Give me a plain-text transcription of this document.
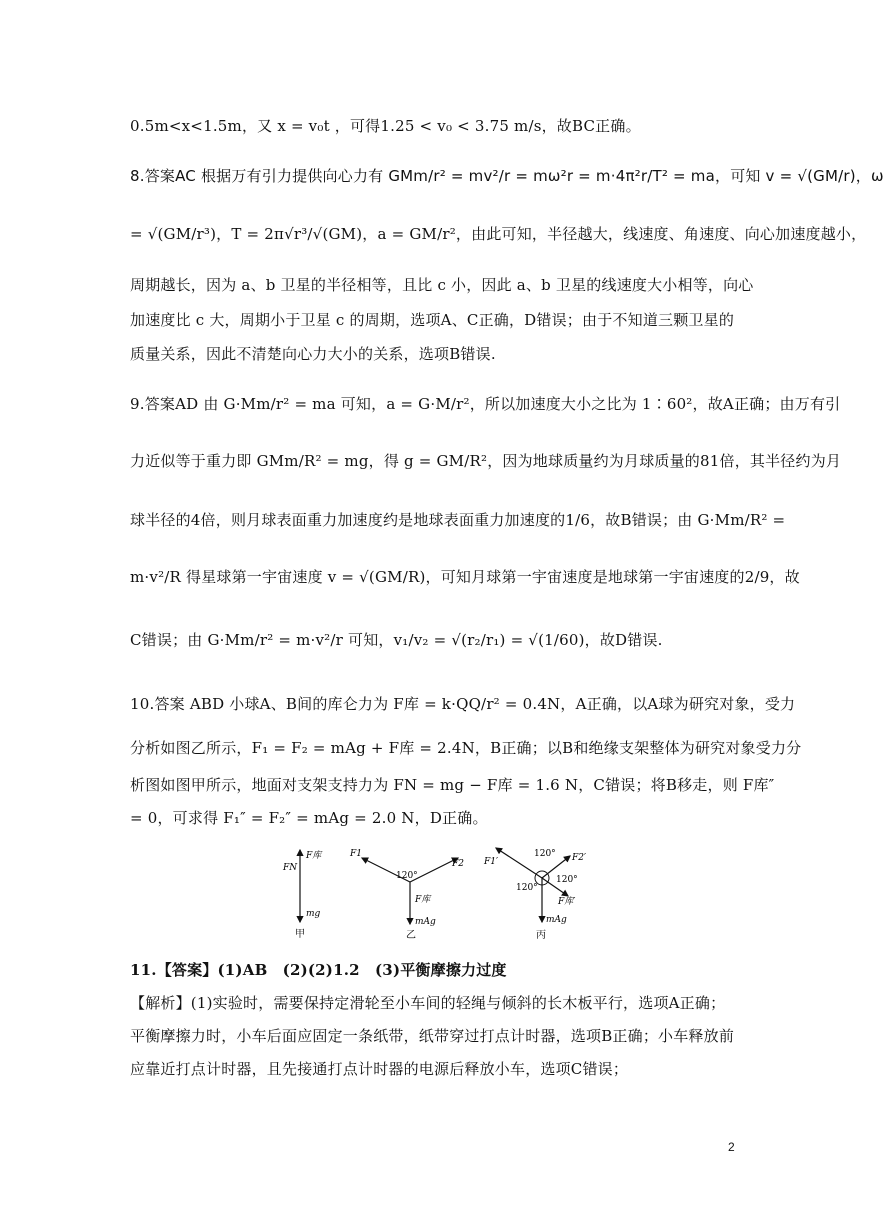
0.5m<x<1.5m，又 x = v₀t ，可得1.25 < v₀ < 3.75 m/s，故BC正确。
8.答案AC 根据万有引力提供向心力有 GMm/r² = mv²/r = mω²r = m·4π²r/T² = ma，可知 v = √(GM/r)，ω
= √(GM/r³)，T = 2π√r³/√(GM)，a = GM/r²，由此可知，半径越大，线速度、角速度、向心加速度越小，
周期越长，因为 a、b 卫星的半径相等，且比 c 小，因此 a、b 卫星的线速度大小相等，向心
加速度比 c 大，周期小于卫星 c 的周期，选项A、C正确，D错误；由于不知道三颗卫星的
质量关系，因此不清楚向心力大小的关系，选项B错误.
9.答案AD 由 G·Mm/r² = ma 可知，a = G·M/r²，所以加速度大小之比为 1∶60²，故A正确；由万有引
力近似等于重力即 GMm/R² = mg，得 g = GM/R²，因为地球质量约为月球质量的81倍，其半径约为月
球半径的4倍，则月球表面重力加速度约是地球表面重力加速度的1/6，故B错误；由 G·Mm/R² =
m·v²/R 得星球第一宇宙速度 v = √(GM/R)，可知月球第一宇宙速度是地球第一宇宙速度的2/9，故
C错误；由 G·Mm/r² = m·v²/r 可知，v₁/v₂ = √(r₂/r₁) = √(1/60)，故D错误.
10.答案 ABD 小球A、B间的库仑力为 F库 = k·QQ/r² = 0.4N，A正确，以A球为研究对象，受力
分析如图乙所示，F₁ = F₂ = mAg + F库 = 2.4N，B正确；以B和绝缘支架整体为研究对象受力分
析图如图甲所示，地面对支架支持力为 FN = mg − F库 = 1.6 N，C错误；将B移走，则 F库″
= 0，可求得 F₁″ = F₂″ = mAg = 2.0 N，D正确。
F库
FN
mg
甲
F1
F2
120°
F库
mAg
乙
F1′	F2′
120°
120°
120°
F库′
mAg
丙
11.【答案】(1)AB　(2)(2)1.2　(3)平衡摩擦力过度
【解析】(1)实验时，需要保持定滑轮至小车间的轻绳与倾斜的长木板平行，选项A正确；
平衡摩擦力时，小车后面应固定一条纸带，纸带穿过打点计时器，选项B正确；小车释放前
应靠近打点计时器，且先接通打点计时器的电源后释放小车，选项C错误；
2
